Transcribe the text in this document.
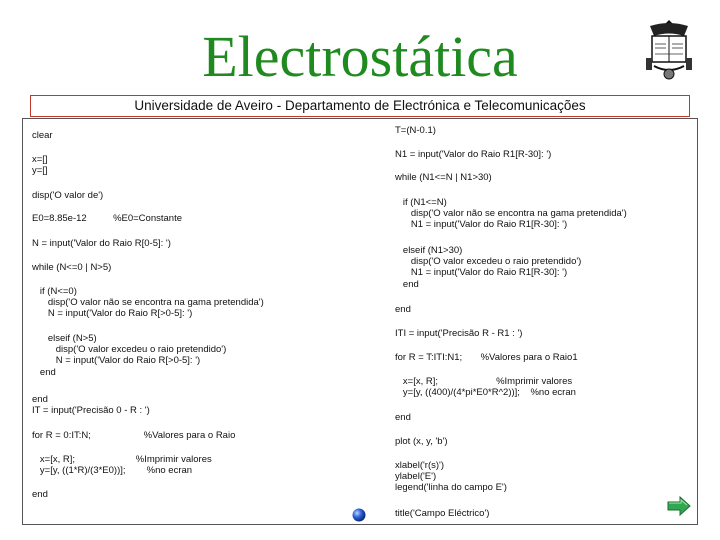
Electrostática
Universidade de Aveiro - Departamento de Electrónica e Telecomunicações
clear
x=[]
y=[]
disp('O valor de')
E0=8.85e-12          %E0=Constante
N = input('Valor do Raio R[0-5]: ')
while (N<=0 | N>5)
if (N<=0)
disp('O valor não se encontra na gama pretendida')
N = input('Valor do Raio R[>0-5]: ')
elseif (N>5)
disp('O valor excedeu o raio pretendido')
N = input('Valor do Raio R[>0-5]: ')
end
end
IT = input('Precisão 0 - R : ')
for R = 0:IT:N;                    %Valores para o Raio
x=[x, R];                       %Imprimir valores
y=[y, ((1*R)/(3*E0))];        %no ecran
end
T=(N-0.1)
N1 = input('Valor do Raio R1[R-30]: ')
while (N1<=N | N1>30)
if (N1<=N)
disp('O valor não se encontra na gama pretendida')
N1 = input('Valor do Raio R1[R-30]: ')
elseif (N1>30)
disp('O valor excedeu o raio pretendido')
N1 = input('Valor do Raio R1[R-30]: ')
end
end
ITI = input('Precisão R - R1 : ')
for R = T:ITI:N1;       %Valores para o Raio1
x=[x, R];                      %Imprimir valores
y=[y, ((400)/(4*pi*E0*R^2))];    %no ecran
end
plot (x, y, 'b')
xlabel('r(s)')
ylabel('E')
legend('linha do campo E')
title('Campo Eléctrico')
